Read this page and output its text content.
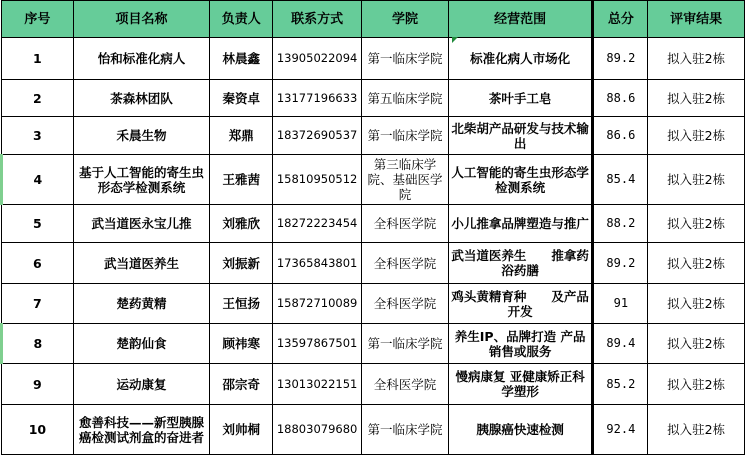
序号	项目名称	负责人	联系方式	学院	经营范围	总分	评审结果
1	怡和标准化病人	林晨鑫	13905022094	第一临床学院	标准化病人市场化	89.2	拟入驻2栋
2	茶森林团队	秦资卓	13177196633	第五临床学院	茶叶手工皂	88.6	拟入驻2栋
3	禾晨生物	郑鼎	18372690537	第一临床学院	北柴胡产品研发与技术输出	86.6	拟入驻2栋
4	基于人工智能的寄生虫形态学检测系统	王雅茜	15810950512	第三临床学院、基础医学院	人工智能的寄生虫形态学检测系统	85.4	拟入驻2栋
5	武当道医永宝儿推	刘雅欣	18272223454	全科医学院	小儿推拿品牌塑造与推广	88.2	拟入驻2栋
6	武当道医养生	刘振新	17365843801	全科医学院	武当道医养生　　推拿药浴药膳	89.2	拟入驻2栋
7	楚药黄精	王恒扬	15872710089	全科医学院	鸡头黄精育种　　及产品开发	91	拟入驻2栋
8	楚韵仙食	顾祎寒	13597867501	第一临床学院	养生IP、品牌打造 产品销售或服务	89.4	拟入驻2栋
9	运动康复	邵宗奇	13013022151	全科医学院	慢病康复 亚健康矫正科学塑形	85.2	拟入驻2栋
10	愈善科技——新型胰腺癌检测试剂盒的奋进者	刘帅桐	18803079680	第一临床学院	胰腺癌快速检测	92.4	拟入驻2栋
